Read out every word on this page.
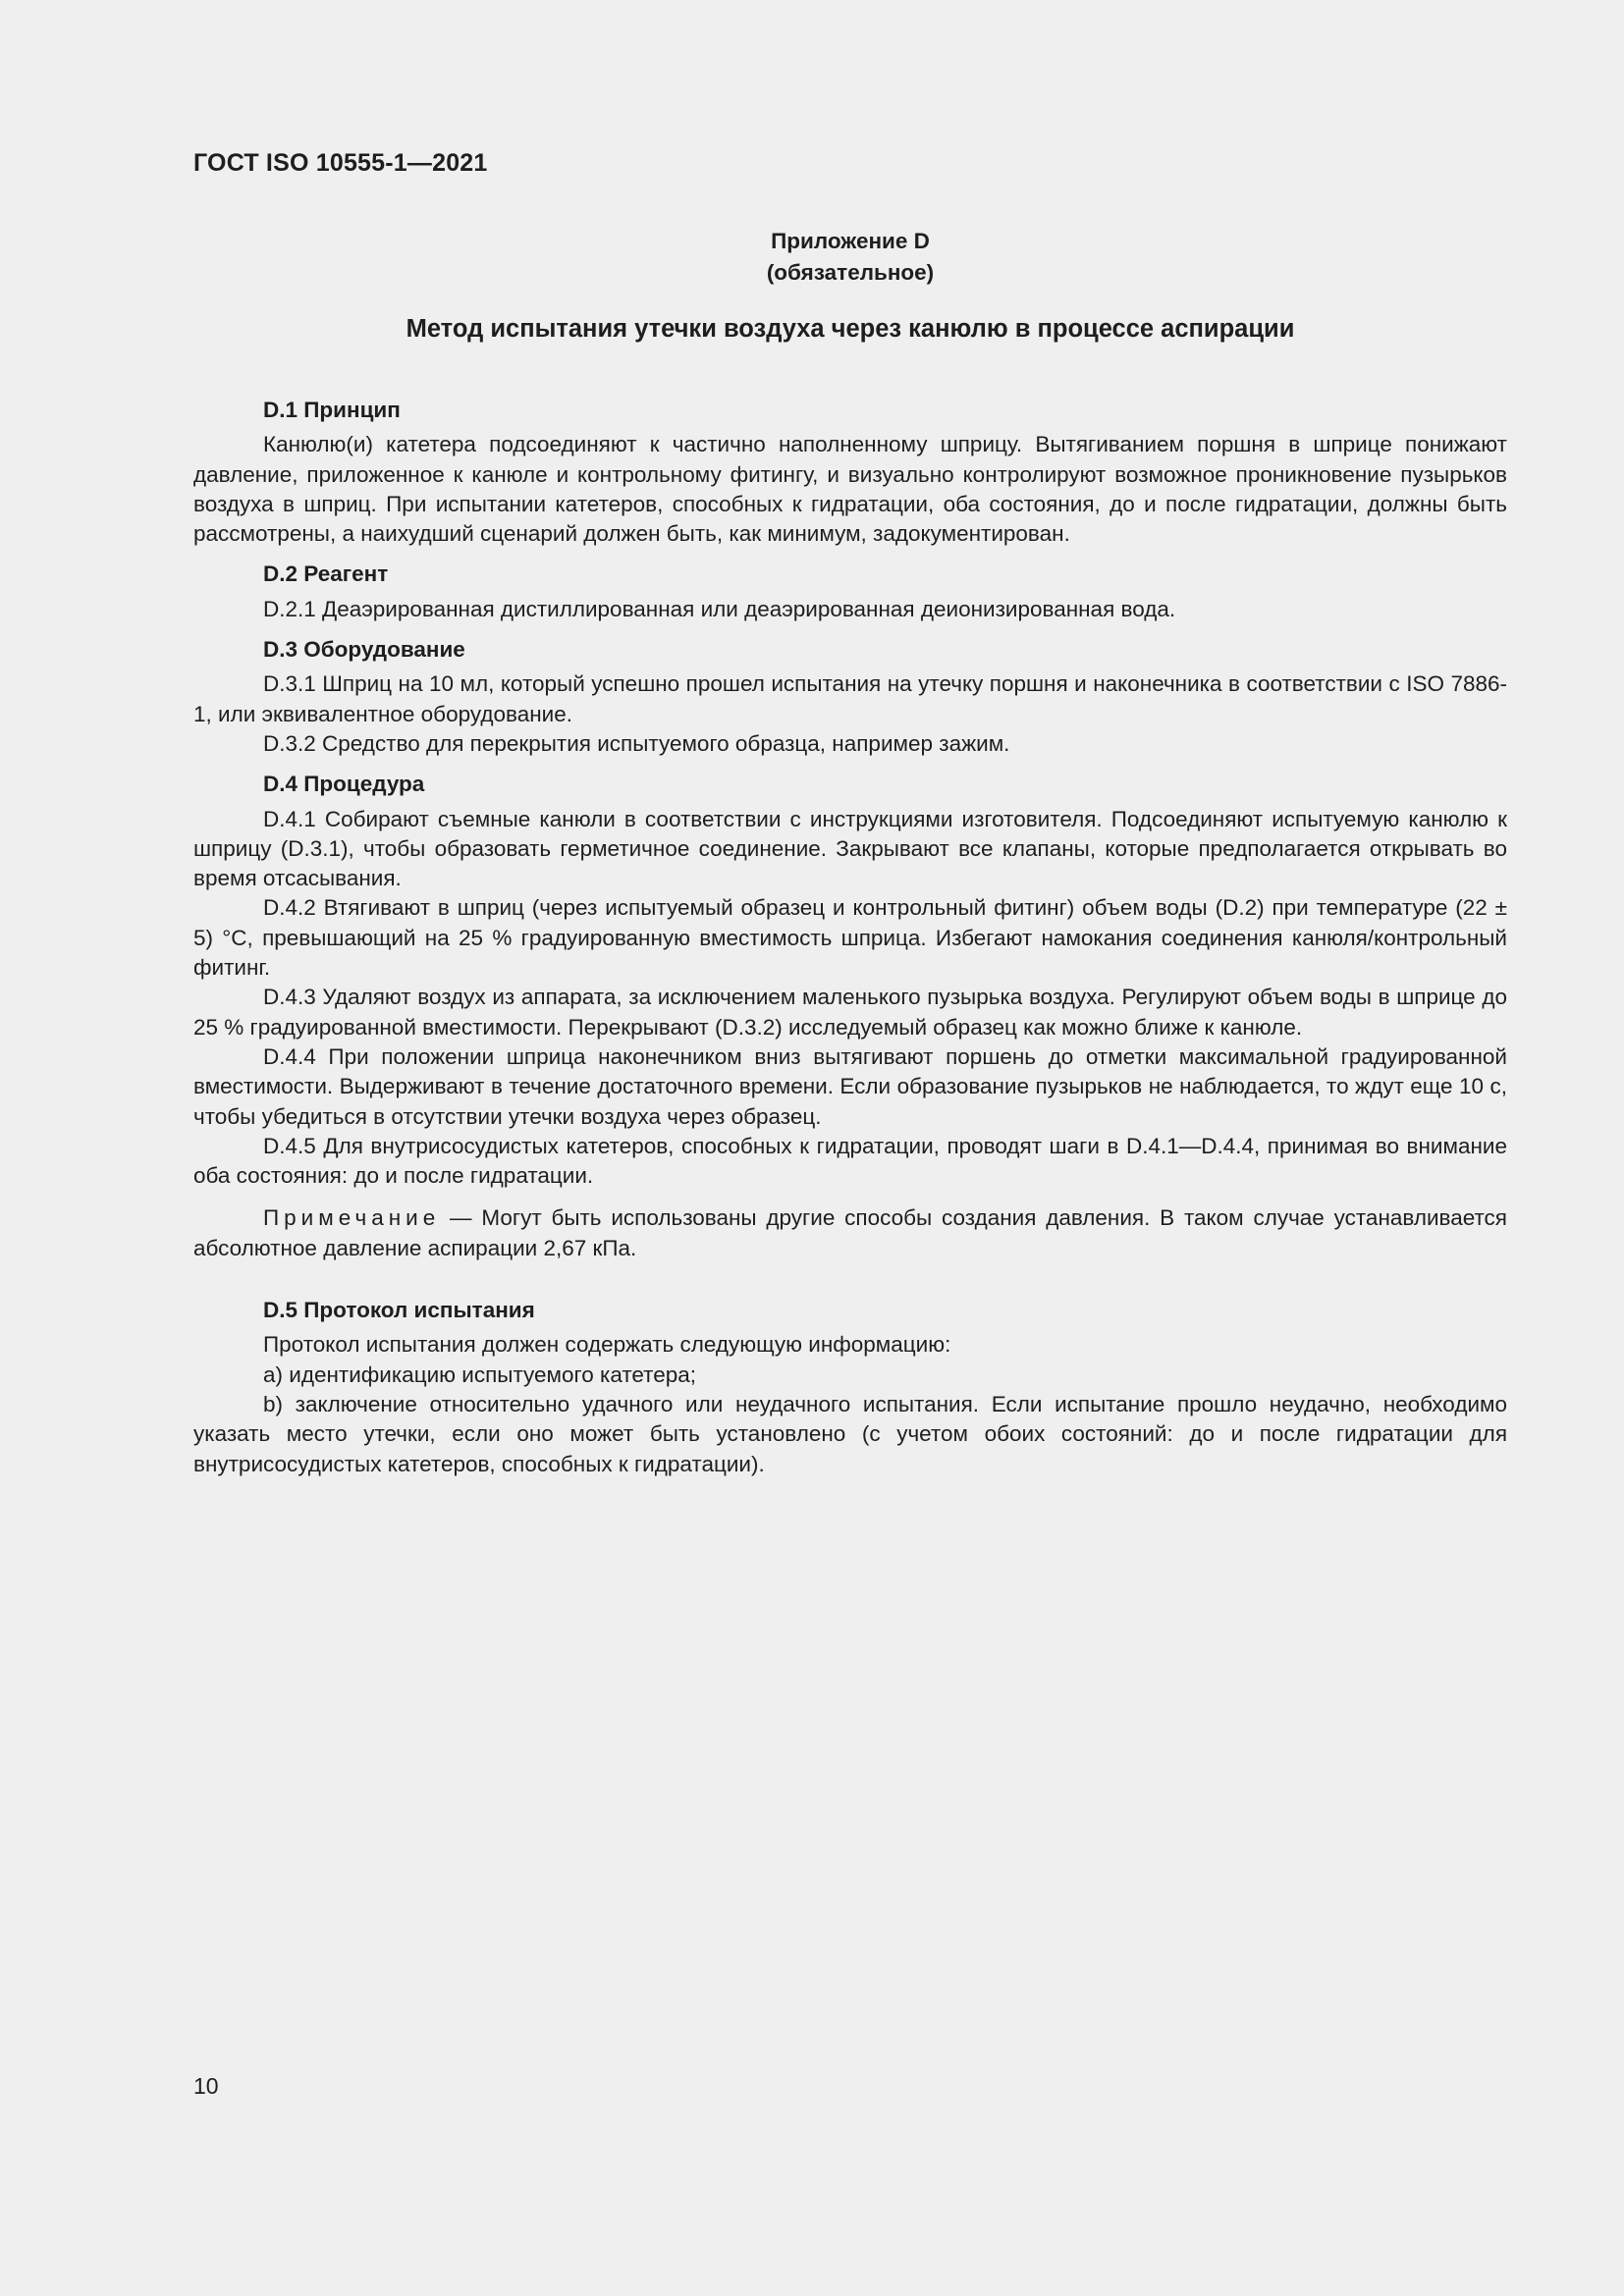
ГОСТ ISO 10555-1—2021
Приложение D
(обязательное)
Метод испытания утечки воздуха через канюлю в процессе аспирации

D.1 Принцип

Канюлю(и) катетера подсоединяют к частично наполненному шприцу. Вытягиванием поршня в шприце понижают давление, приложенное к канюле и контрольному фитингу, и визуально контролируют возможное проникновение пузырьков воздуха в шприц. При испытании катетеров, способных к гидратации, оба состояния, до и после гидратации, должны быть рассмотрены, а наихудший сценарий должен быть, как минимум, задокументирован.

D.2 Реагент

D.2.1 Деаэрированная дистиллированная или деаэрированная деионизированная вода.

D.3 Оборудование

D.3.1 Шприц на 10 мл, который успешно прошел испытания на утечку поршня и наконечника в соответствии с ISO 7886-1, или эквивалентное оборудование.

D.3.2 Средство для перекрытия испытуемого образца, например зажим.

D.4 Процедура

D.4.1 Собирают съемные канюли в соответствии с инструкциями изготовителя. Подсоединяют испытуемую канюлю к шприцу (D.3.1), чтобы образовать герметичное соединение. Закрывают все клапаны, которые предполагается открывать во время отсасывания.

D.4.2 Втягивают в шприц (через испытуемый образец и контрольный фитинг) объем воды (D.2) при температуре (22 ± 5) °C, превышающий на 25 % градуированную вместимость шприца. Избегают намокания соединения канюля/контрольный фитинг.

D.4.3 Удаляют воздух из аппарата, за исключением маленького пузырька воздуха. Регулируют объем воды в шприце до 25 % градуированной вместимости. Перекрывают (D.3.2) исследуемый образец как можно ближе к канюле.

D.4.4 При положении шприца наконечником вниз вытягивают поршень до отметки максимальной градуированной вместимости. Выдерживают в течение достаточного времени. Если образование пузырьков не наблюдается, то ждут еще 10 с, чтобы убедиться в отсутствии утечки воздуха через образец.

D.4.5 Для внутрисосудистых катетеров, способных к гидратации, проводят шаги в D.4.1—D.4.4, принимая во внимание оба состояния: до и после гидратации.

Примечание — Могут быть использованы другие способы создания давления. В таком случае устанавливается абсолютное давление аспирации 2,67 кПа.

D.5 Протокол испытания

Протокол испытания должен содержать следующую информацию:

a) идентификацию испытуемого катетера;

b) заключение относительно удачного или неудачного испытания. Если испытание прошло неудачно, необходимо указать место утечки, если оно может быть установлено (с учетом обоих состояний: до и после гидратации для внутрисосудистых катетеров, способных к гидратации).

10
